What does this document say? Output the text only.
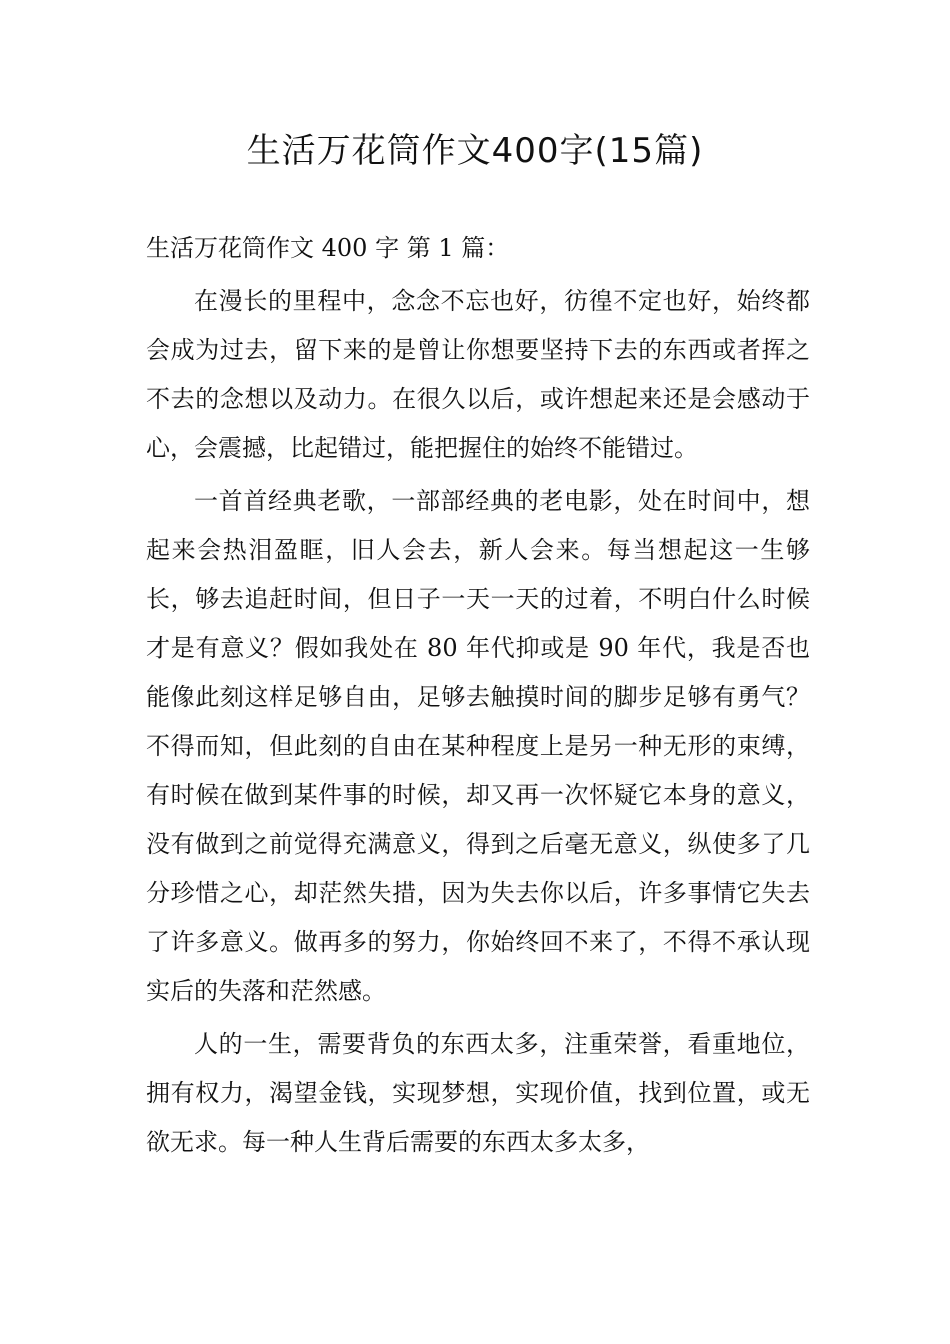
生活万花筒作文400字(15篇)

生活万花筒作文 400 字 第 1 篇：

在漫长的里程中，念念不忘也好，彷徨不定也好，始终都会成为过去，留下来的是曾让你想要坚持下去的东西或者挥之不去的念想以及动力。在很久以后，或许想起来还是会感动于心，会震撼，比起错过，能把握住的始终不能错过。

一首首经典老歌，一部部经典的老电影，处在时间中，想起来会热泪盈眶，旧人会去，新人会来。每当想起这一生够长，够去追赶时间，但日子一天一天的过着，不明白什么时候才是有意义？假如我处在 80 年代抑或是 90 年代，我是否也能像此刻这样足够自由，足够去触摸时间的脚步足够有勇气？不得而知，但此刻的自由在某种程度上是另一种无形的束缚，有时候在做到某件事的时候，却又再一次怀疑它本身的意义，没有做到之前觉得充满意义，得到之后毫无意义，纵使多了几分珍惜之心，却茫然失措，因为失去你以后，许多事情它失去了许多意义。做再多的努力，你始终回不来了，不得不承认现实后的失落和茫然感。

人的一生，需要背负的东西太多，注重荣誉，看重地位，拥有权力，渴望金钱，实现梦想，实现价值，找到位置，或无欲无求。每一种人生背后需要的东西太多太多，
